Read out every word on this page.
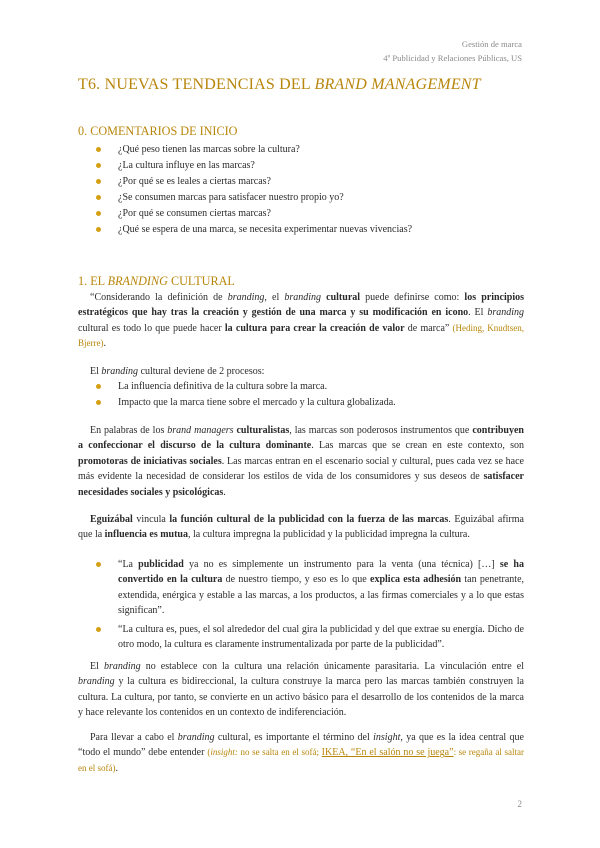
Gestión de marca
4º Publicidad y Relaciones Públicas, US
T6. NUEVAS TENDENCIAS DEL BRAND MANAGEMENT
0. COMENTARIOS DE INICIO
¿Qué peso tienen las marcas sobre la cultura?
¿La cultura influye en las marcas?
¿Por qué se es leales a ciertas marcas?
¿Se consumen marcas para satisfacer nuestro propio yo?
¿Por qué se consumen ciertas marcas?
¿Qué se espera de una marca, se necesita experimentar nuevas vivencias?
1. EL BRANDING CULTURAL
“Considerando la definición de branding, el branding cultural puede definirse como: los principios estratégicos que hay tras la creación y gestión de una marca y su modificación en icono. El branding cultural es todo lo que puede hacer la cultura para crear la creación de valor de marca” (Heding, Knudtsen, Bjerre).
El branding cultural deviene de 2 procesos:
La influencia definitiva de la cultura sobre la marca.
Impacto que la marca tiene sobre el mercado y la cultura globalizada.
En palabras de los brand managers culturalistas, las marcas son poderosos instrumentos que contribuyen a confeccionar el discurso de la cultura dominante. Las marcas que se crean en este contexto, son promotoras de iniciativas sociales. Las marcas entran en el escenario social y cultural, pues cada vez se hace más evidente la necesidad de considerar los estilos de vida de los consumidores y sus deseos de satisfacer necesidades sociales y psicológicas.
Eguizábal vincula la función cultural de la publicidad con la fuerza de las marcas. Eguizábal afirma que la influencia es mutua, la cultura impregna la publicidad y la publicidad impregna la cultura.
“La publicidad ya no es simplemente un instrumento para la venta (una técnica) […] se ha convertido en la cultura de nuestro tiempo, y eso es lo que explica esta adhesión tan penetrante, extendida, enérgica y estable a las marcas, a los productos, a las firmas comerciales y a lo que estas significan”.
“La cultura es, pues, el sol alrededor del cual gira la publicidad y del que extrae su energía. Dicho de otro modo, la cultura es claramente instrumentalizada por parte de la publicidad”.
El branding no establece con la cultura una relación únicamente parasitaria. La vinculación entre el branding y la cultura es bidireccional, la cultura construye la marca pero las marcas también construyen la cultura. La cultura, por tanto, se convierte en un activo básico para el desarrollo de los contenidos de la marca y hace relevante los contenidos en un contexto de indiferenciación.
Para llevar a cabo el branding cultural, es importante el término del insight, ya que es la idea central que “todo el mundo” debe entender (insight: no se salta en el sofá; IKEA, “En el salón no se juega”: se regaña al saltar en el sofá).
2
